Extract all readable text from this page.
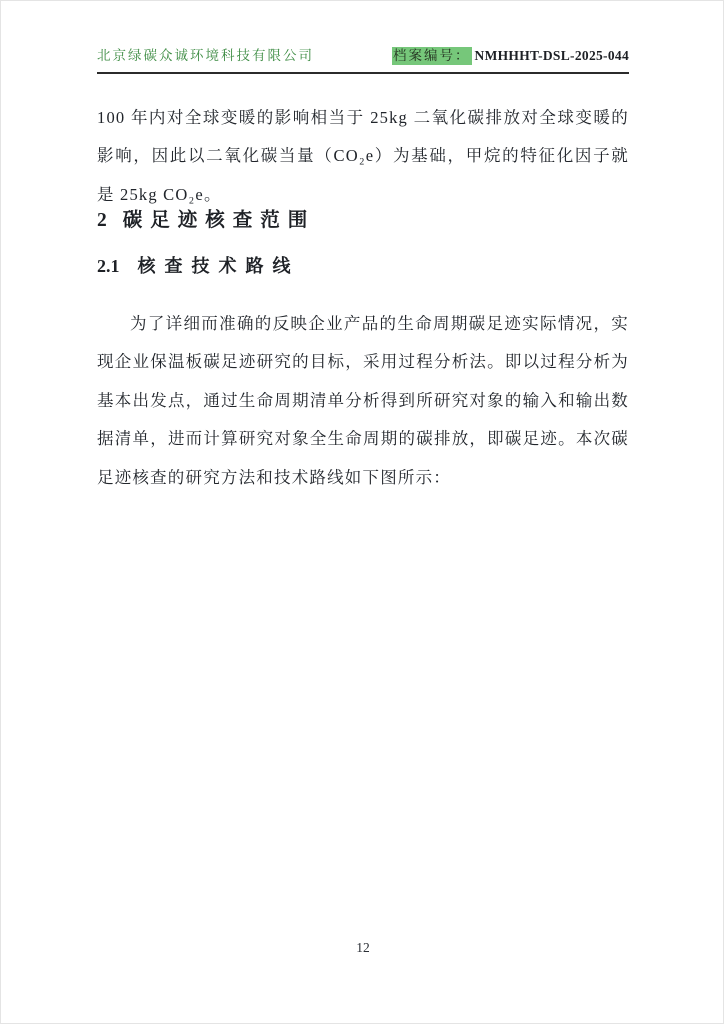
北京绿碳众诚环境科技有限公司	档案编号： NMHHHT-DSL-2025-044

100 年内对全球变暖的影响相当于 25kg 二氧化碳排放对全球变暖的影响，因此以二氧化碳当量（CO₂e）为基础，甲烷的特征化因子就是 25kg CO₂e。

2 碳足迹核查范围
2.1 核查技术路线

为了详细而准确的反映企业产品的生命周期碳足迹实际情况，实现企业保温板碳足迹研究的目标，采用过程分析法。即以过程分析为基本出发点，通过生命周期清单分析得到所研究对象的输入和输出数据清单，进而计算研究对象全生命周期的碳排放，即碳足迹。本次碳足迹核查的研究方法和技术路线如下图所示：

12
